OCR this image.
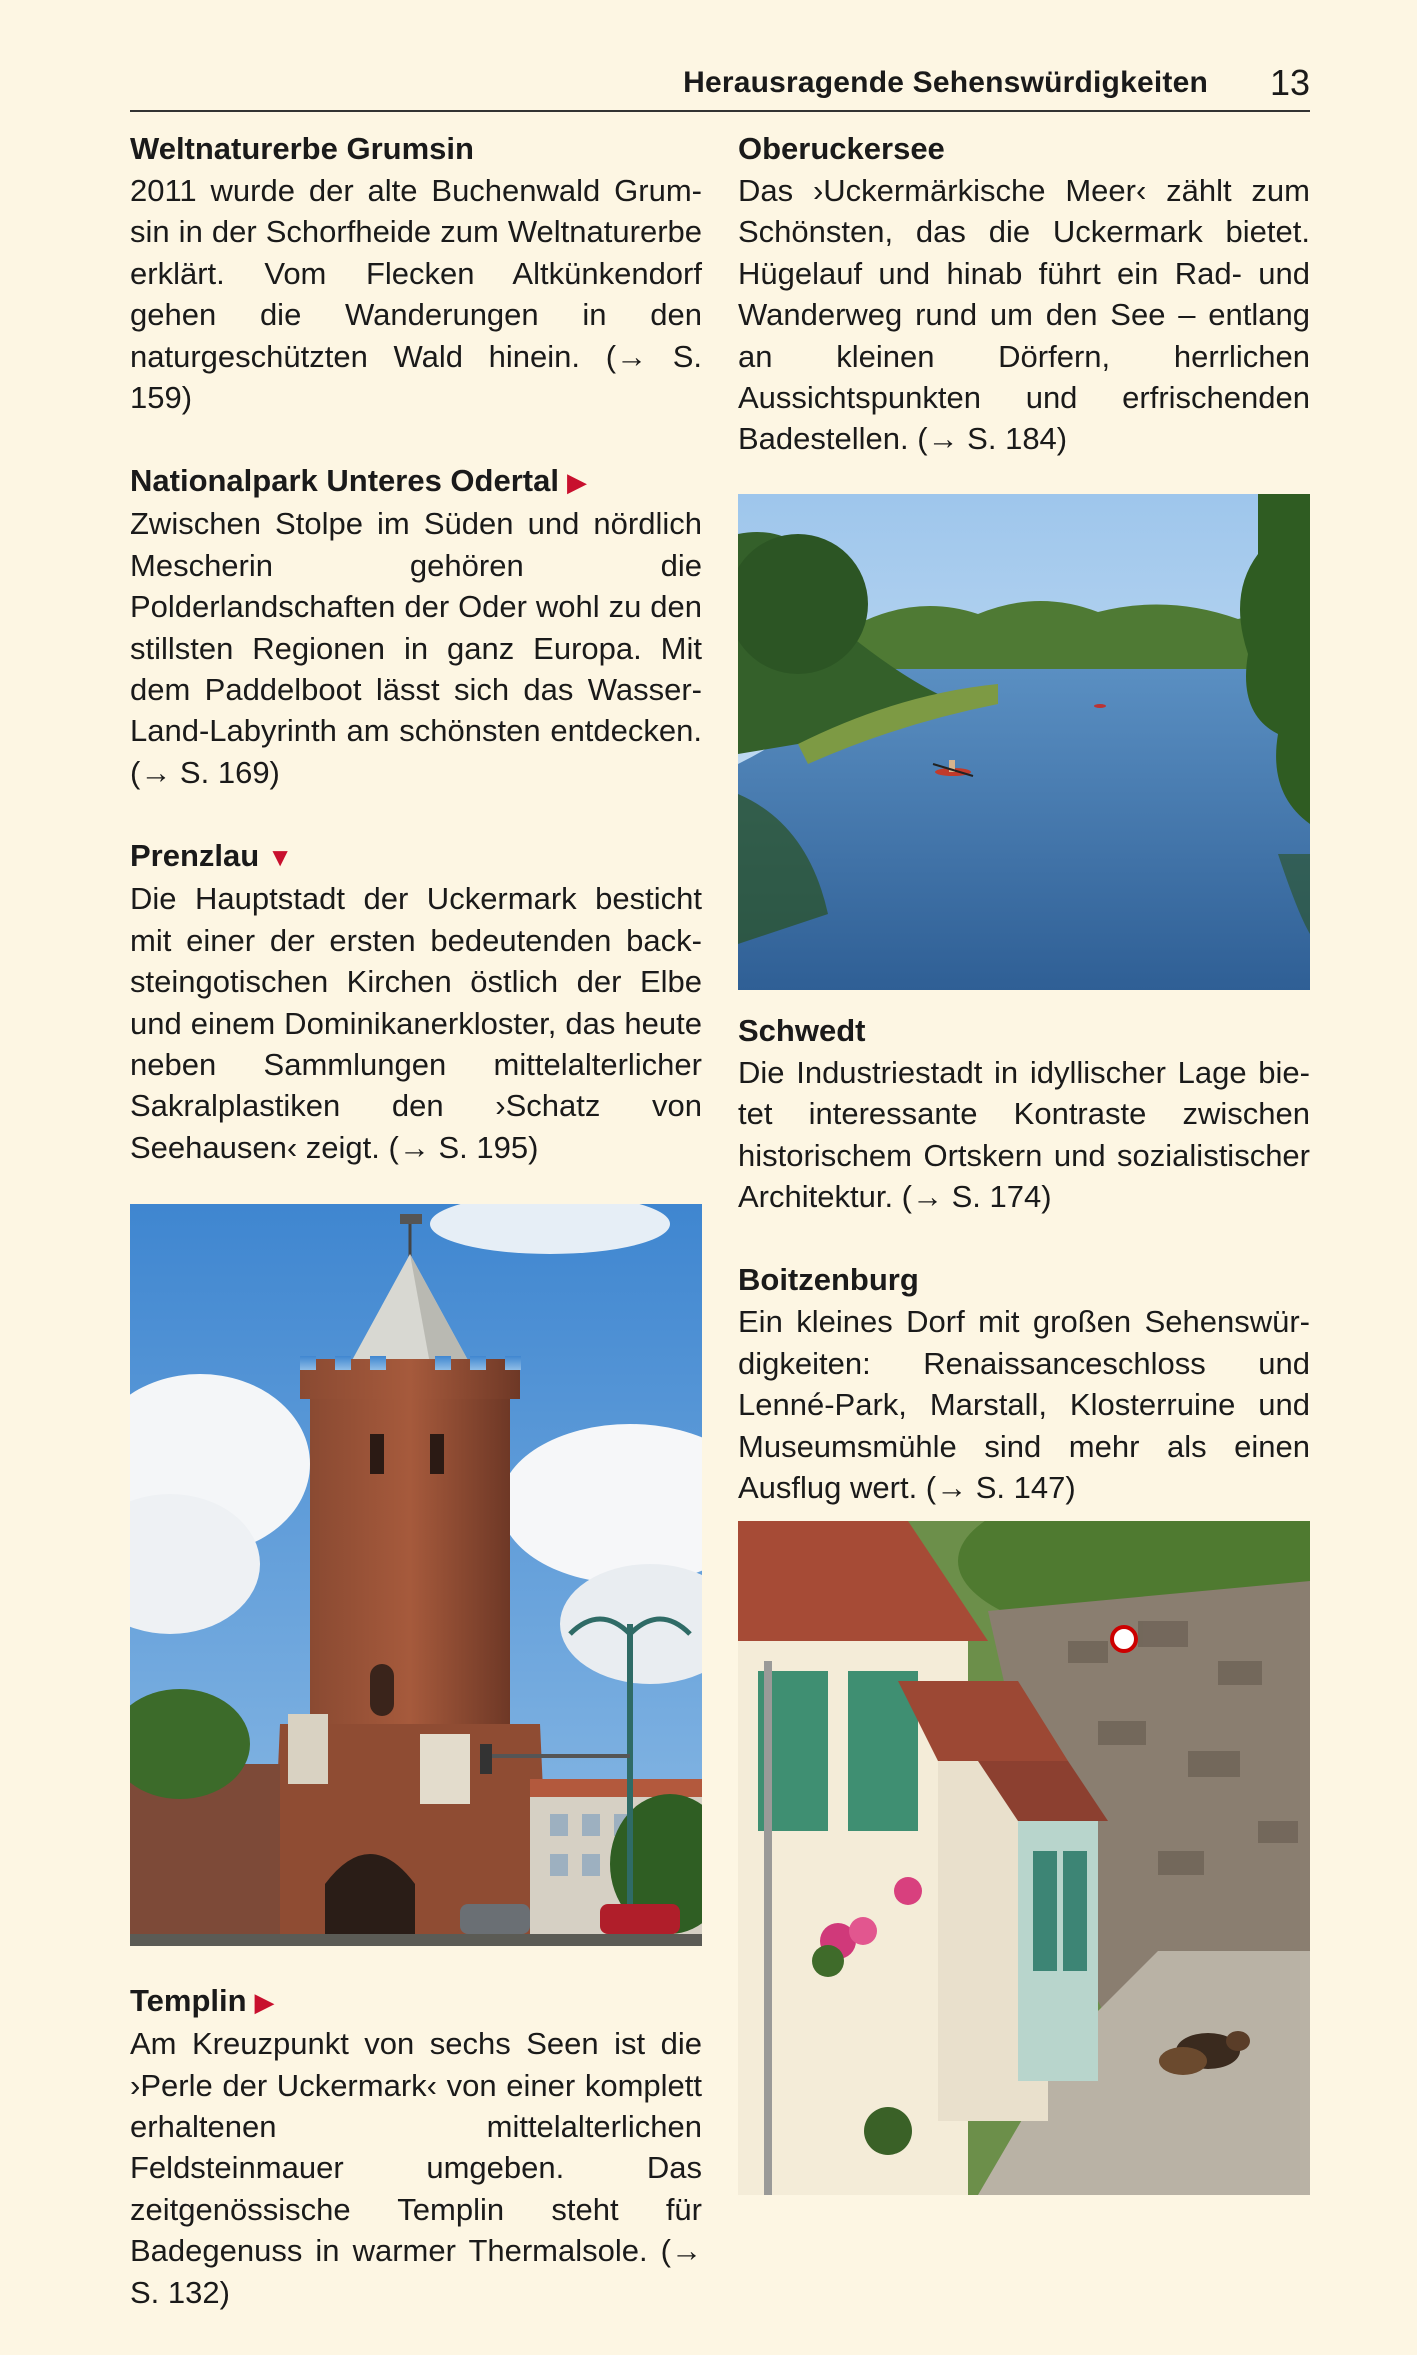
Herausragende Sehenswürdigkeiten 13
Weltnaturerbe Grumsin

2011 wurde der alte Buchenwald Grumsin in der Schorfheide zum Weltnaturerbe erklärt. Vom Flecken Altkünkendorf gehen die Wanderungen in den naturgeschützten Wald hinein. (→ S. 159)

Nationalpark Unteres Odertal ▶

Zwischen Stolpe im Süden und nördlich Mescherin gehören die Polderlandschaften der Oder wohl zu den stillsten Regionen in ganz Europa. Mit dem Paddelboot lässt sich das Wasser-Land-Labyrinth am schönsten entdecken. (→ S. 169)

Prenzlau ▼

Die Hauptstadt der Uckermark besticht mit einer der ersten bedeutenden backsteingotischen Kirchen östlich der Elbe und einem Dominikanerkloster, das heute neben Sammlungen mittelalterlicher Sakralplastiken den ›Schatz von Seehausen‹ zeigt. (→ S. 195)

Templin ▶

Am Kreuzpunkt von sechs Seen ist die ›Perle der Uckermark‹ von einer komplett erhaltenen mittelalterlichen Feldsteinmauer umgeben. Das zeitgenössische Templin steht für Badegenuss in warmer Thermalsole. (→ S. 132)

Oberuckersee

Das ›Uckermärkische Meer‹ zählt zum Schönsten, das die Uckermark bietet. Hügelauf und hinab führt ein Rad- und Wanderweg rund um den See – entlang an kleinen Dörfern, herrlichen Aussichtspunkten und erfrischenden Badestellen. (→ S. 184)

Schwedt

Die Industriestadt in idyllischer Lage bietet interessante Kontraste zwischen historischem Ortskern und sozialistischer Architektur. (→ S. 174)

Boitzenburg

Ein kleines Dorf mit großen Sehenswürdigkeiten: Renaissanceschloss und Lenné-Park, Marstall, Klosterruine und Museumsmühle sind mehr als einen Ausflug wert. (→ S. 147)
